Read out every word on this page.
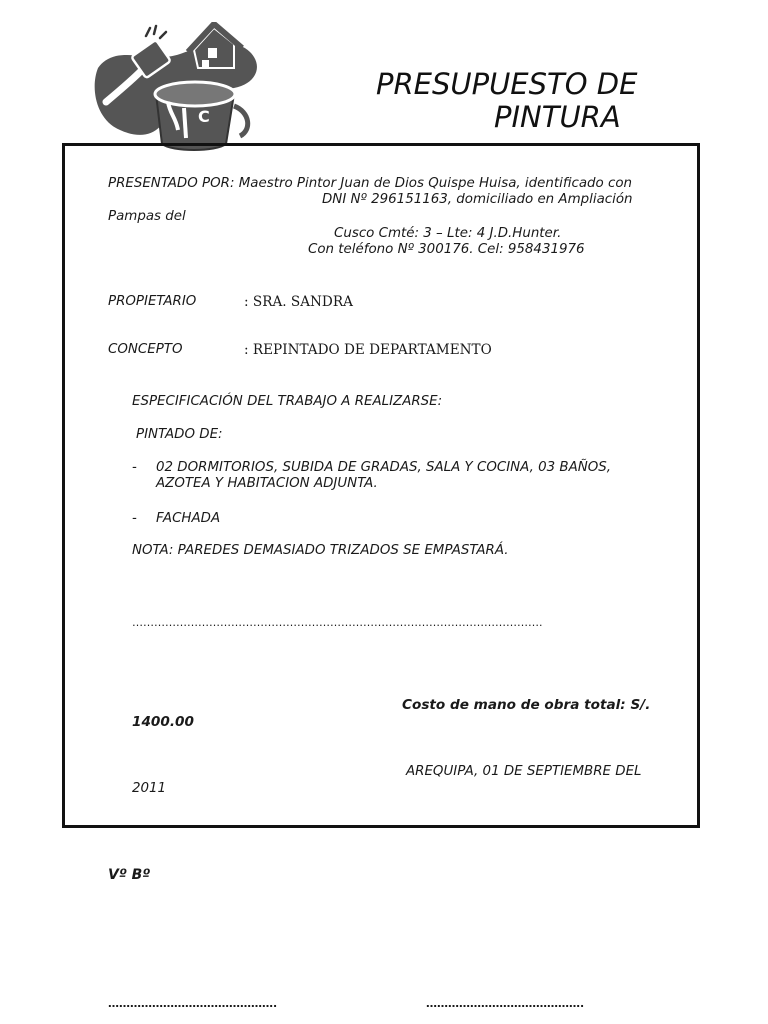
C
PRESUPUESTO DE
PINTURA
PRESENTADO POR: Maestro Pintor Juan de Dios Quispe Huisa, identificado con
DNI Nº 296151163, domiciliado en Ampliación
Pampas del
Cusco Cmté: 3 – Lte: 4 J.D.Hunter.
Con teléfono Nº 300176. Cel: 958431976
PROPIETARIO	: SRA. SANDRA
CONCEPTO	: REPINTADO DE DEPARTAMENTO
ESPECIFICACIÓN DEL TRABAJO A REALIZARSE:
PINTADO DE:
- 02 DORMITORIOS, SUBIDA DE GRADAS, SALA Y COCINA, 03 BAÑOS,
AZOTEA Y HABITACION ADJUNTA.
- FACHADA
NOTA: PAREDES DEMASIADO TRIZADOS SE EMPASTARÁ.
………………………………………………………………………………………………….
Costo de mano de obra total: S/.
1400.00
AREQUIPA, 01 DE SEPTIEMBRE DEL
2011
Vº Bº
……………………………………….	…………………………………….
